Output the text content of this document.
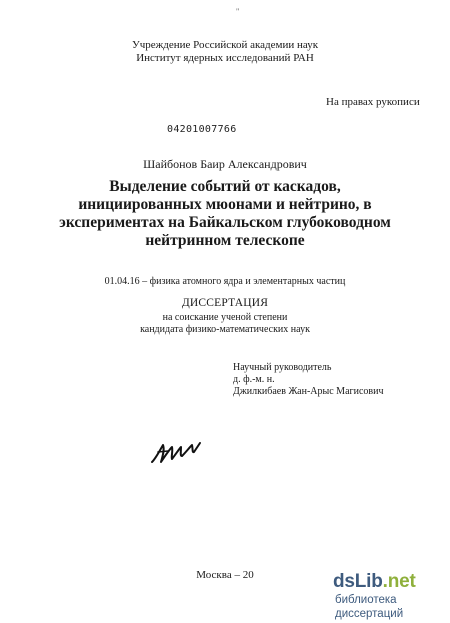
"
Учреждение Российской академии наук
Институт ядерных исследований РАН
На правах рукописи
04201007766
Шайбонов Баир Александрович
Выделение событий от каскадов,
инициированных мюонами и нейтрино, в
экспериментах на Байкальском глубоководном
нейтринном телескопе
01.04.16 – физика атомного ядра и элементарных частиц
ДИССЕРТАЦИЯ
на соискание ученой степени
кандидата физико-математических наук
Научный руководитель
д. ф.-м. н.
Джилкибаев Жан-Арыс Магисович
Москва – 20	dsLib.net
библиотека диссертаций
